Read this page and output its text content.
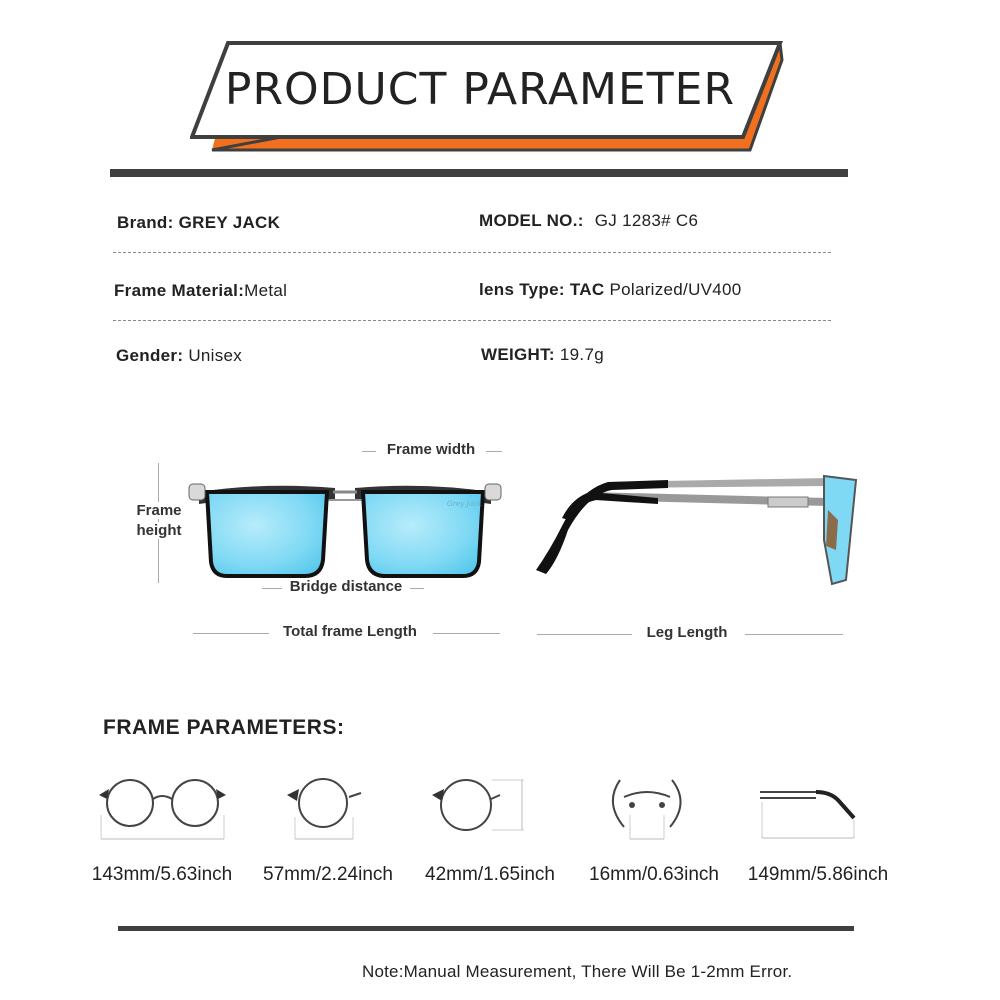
PRODUCT PARAMETER
Brand: GREY JACK	MODEL NO.: GJ 1283# C6
Frame Material:Metal	lens Type: TAC Polarized/UV400
Gender: Unisex	WEIGHT: 19.7g
Frame width
Frame
height
Bridge distance
Total frame Length	Leg Length
Grey Jack
FRAME PARAMETERS:
143mm/5.63inch	57mm/2.24inch	42mm/1.65inch	16mm/0.63inch	149mm/5.86inch
Note:Manual Measurement, There Will Be 1-2mm Error.
